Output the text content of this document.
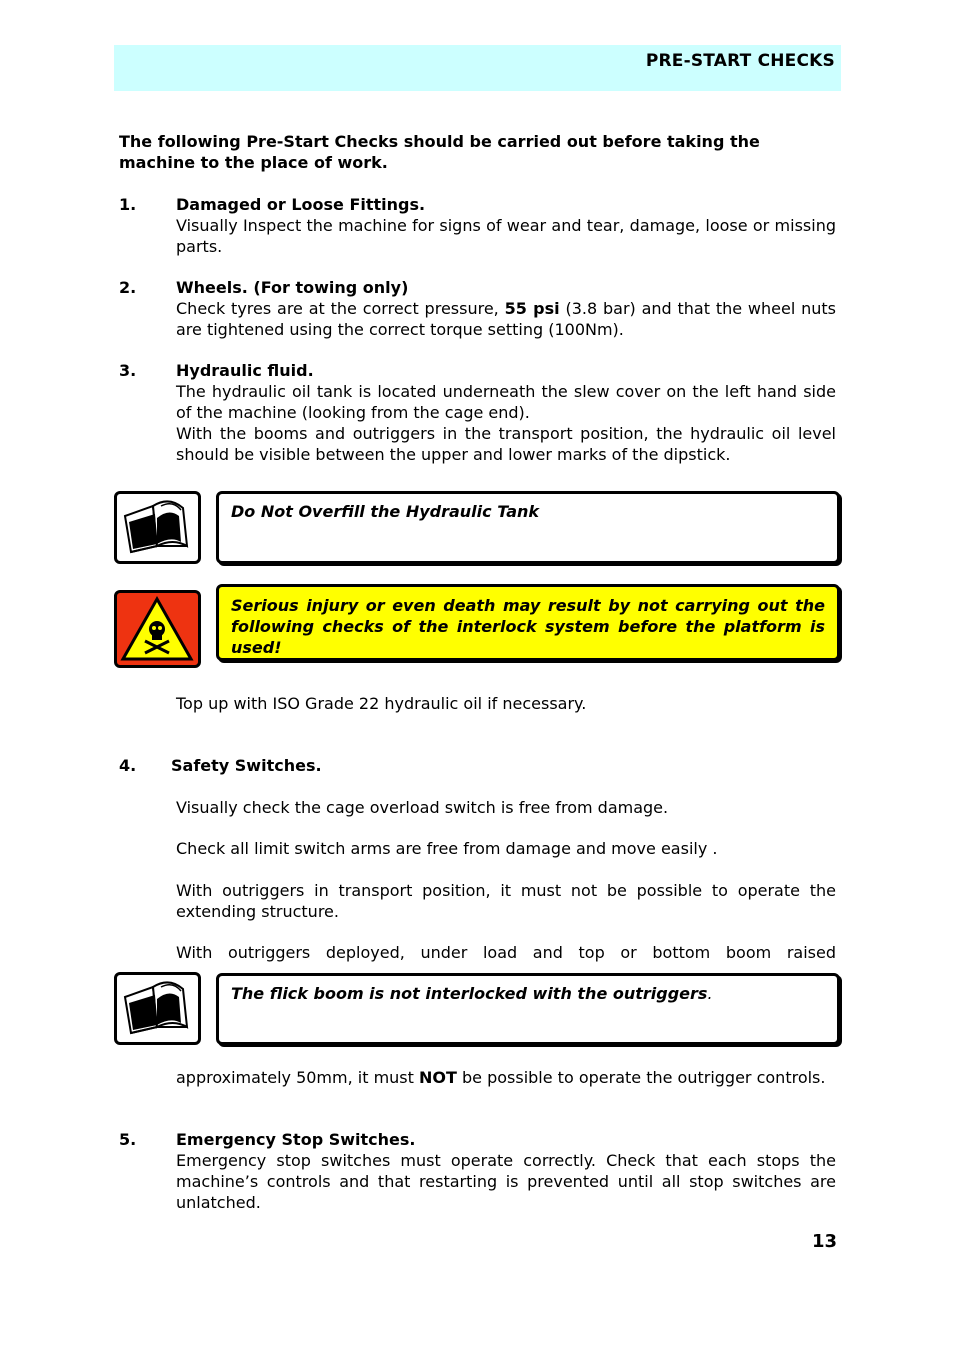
PRE-START CHECKS
The following Pre-Start Checks should be carried out before taking the machine to the place of work.
1. Damaged or Loose Fittings.
Visually Inspect the machine for signs of wear and tear, damage, loose or missing parts.
2. Wheels. (For towing only)
Check tyres are at the correct pressure, 55 psi (3.8 bar) and that the wheel nuts are tightened using the correct torque setting (100Nm).
3. Hydraulic fluid.
The hydraulic oil tank is located underneath the slew cover on the left hand side of the machine (looking from the cage end).
With the booms and outriggers in the transport position, the hydraulic oil level should be visible between the upper and lower marks of the dipstick.
Do Not Overfill the Hydraulic Tank
Serious injury or even death may result by not carrying out the following checks of the interlock system before the platform is used!
Top up with ISO Grade 22 hydraulic oil if necessary.
4. Safety Switches.
Visually check the cage overload switch is free from damage.
Check all limit switch arms are free from damage and move easily .
With outriggers in transport position, it must not be possible to operate the extending structure.
With outriggers deployed, under load and top or bottom boom raised
The flick boom is not interlocked with the outriggers.
approximately 50mm, it must NOT be possible to operate the outrigger controls.
5. Emergency Stop Switches.
Emergency stop switches must operate correctly. Check that each stops the machine’s controls and that restarting is prevented until all stop switches are unlatched.
13
